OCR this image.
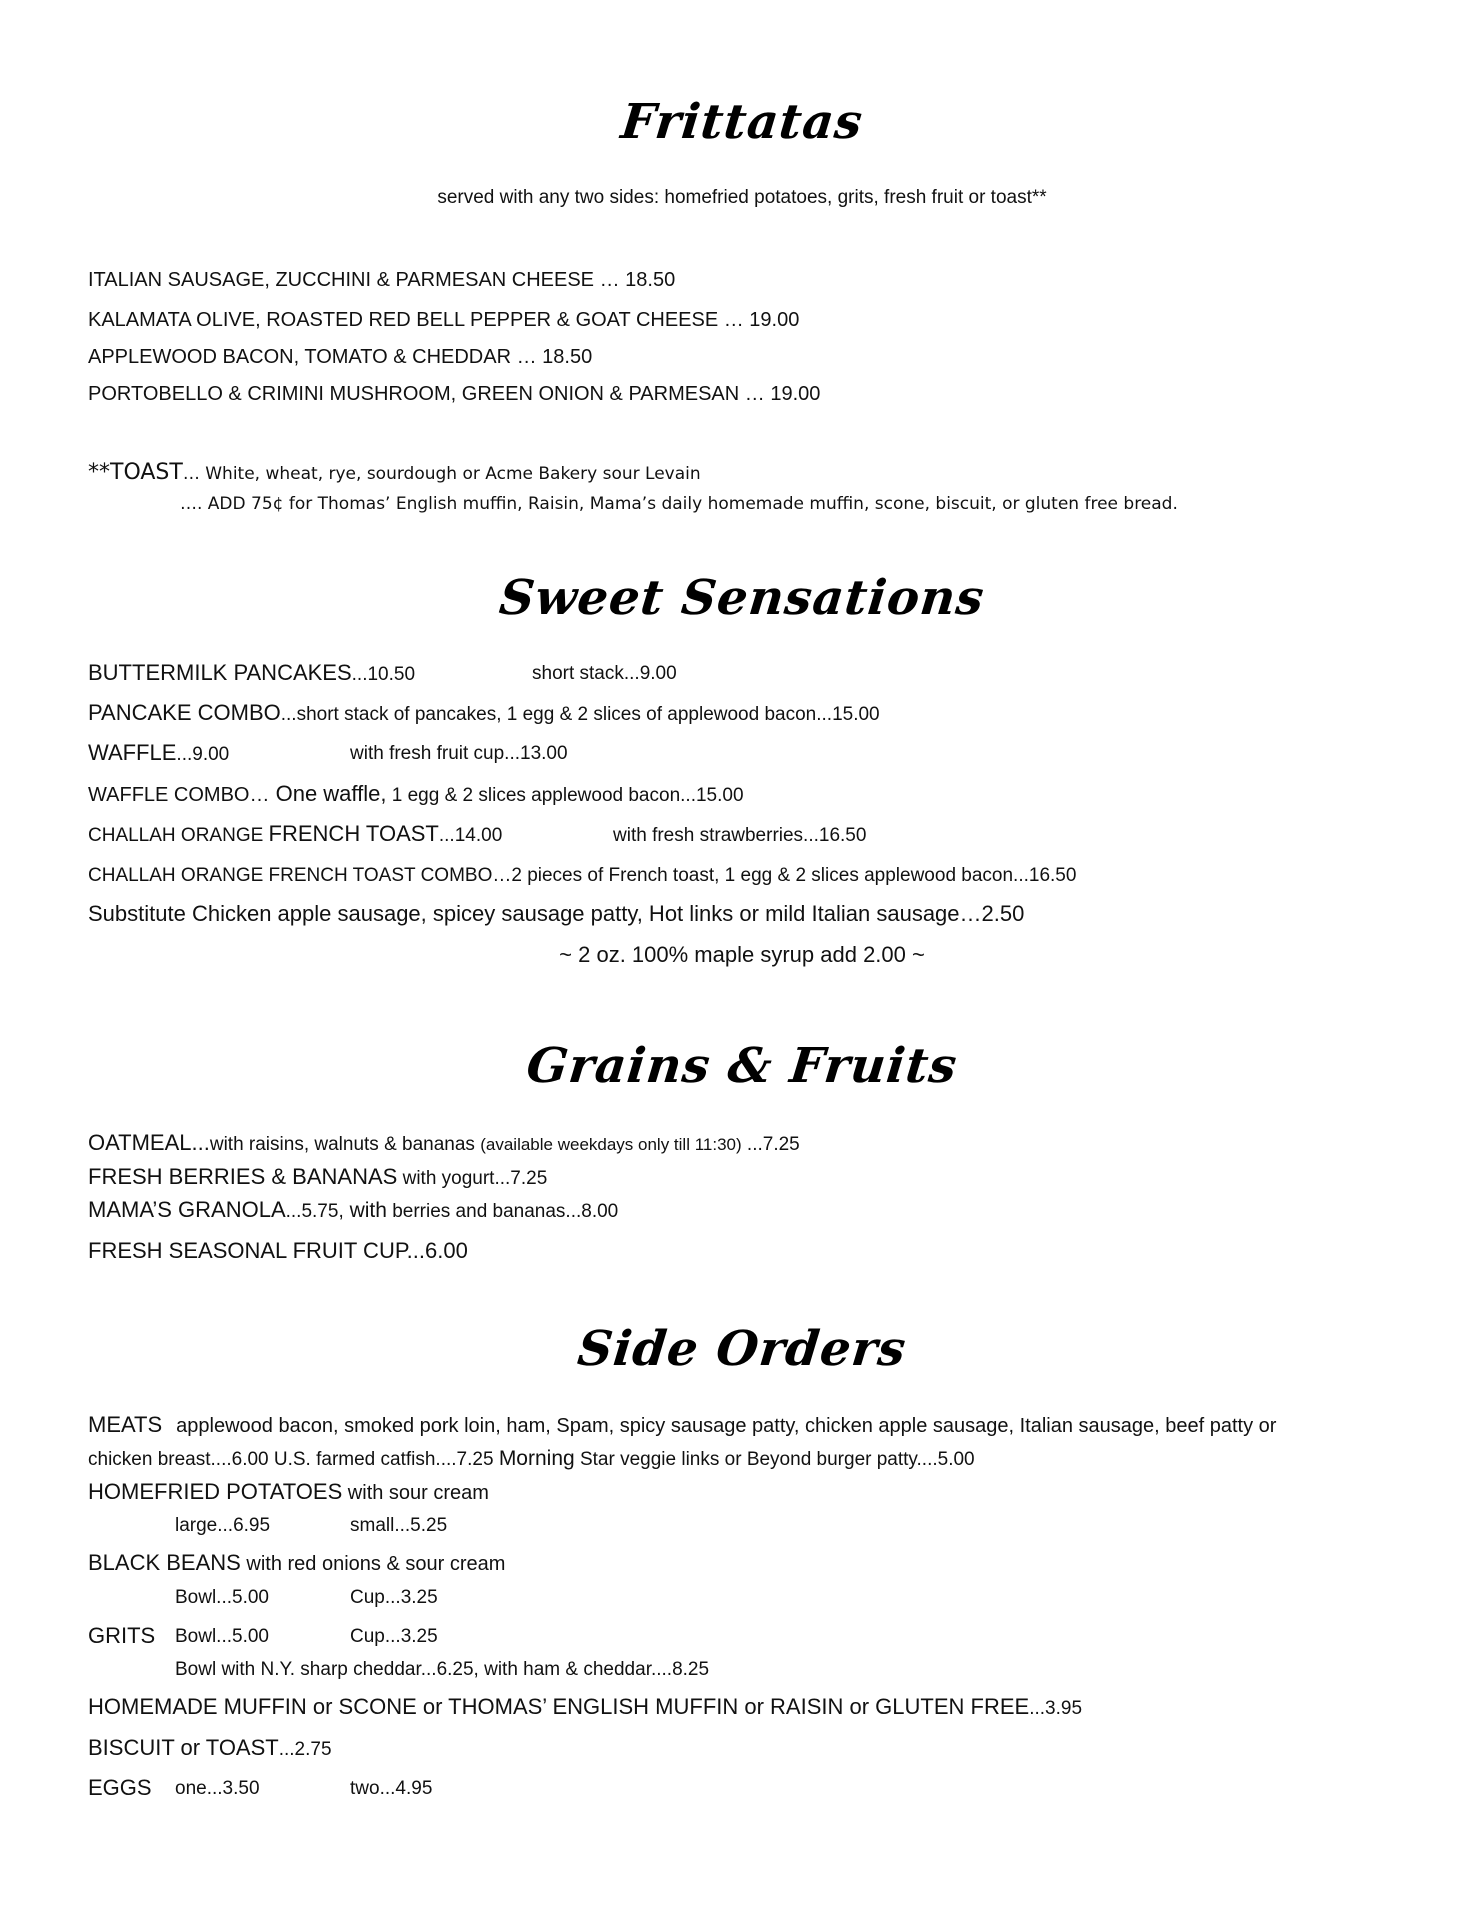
Frittatas
served with any two sides: homefried potatoes, grits, fresh fruit or toast**
ITALIAN SAUSAGE, ZUCCHINI & PARMESAN CHEESE … 18.50
KALAMATA OLIVE, ROASTED RED BELL PEPPER & GOAT CHEESE … 19.00
APPLEWOOD BACON, TOMATO & CHEDDAR … 18.50
PORTOBELLO & CRIMINI MUSHROOM, GREEN ONION & PARMESAN … 19.00
**TOAST… White, wheat, rye, sourdough or Acme Bakery sour Levain
…. ADD 75¢ for Thomas’ English muffin, Raisin, Mama’s daily homemade muffin, scone, biscuit, or gluten free bread.
Sweet Sensations
BUTTERMILK PANCAKES...10.50	short stack...9.00
PANCAKE COMBO...short stack of pancakes, 1 egg & 2 slices of applewood bacon...15.00
WAFFLE...9.00	with fresh fruit cup...13.00
WAFFLE COMBO… One waffle, 1 egg & 2 slices applewood bacon...15.00
CHALLAH ORANGE FRENCH TOAST...14.00	with fresh strawberries...16.50
CHALLAH ORANGE FRENCH TOAST COMBO…2 pieces of French toast, 1 egg & 2 slices applewood bacon...16.50
Substitute Chicken apple sausage, spicey sausage patty, Hot links or mild Italian sausage…2.50
~ 2 oz. 100% maple syrup add 2.00 ~
Grains & Fruits
OATMEAL...with raisins, walnuts & bananas (available weekdays only till 11:30) ...7.25
FRESH BERRIES & BANANAS with yogurt...7.25
MAMA’S GRANOLA...5.75, with berries and bananas...8.00
FRESH SEASONAL FRUIT CUP...6.00
Side Orders
MEATS applewood bacon, smoked pork loin, ham, Spam, spicy sausage patty, chicken apple sausage, Italian sausage, beef patty or
chicken breast....6.00 U.S. farmed catfish....7.25 Morning Star veggie links or Beyond burger patty....5.00
HOMEFRIED POTATOES with sour cream
large...6.95	small...5.25
BLACK BEANS with red onions & sour cream
Bowl...5.00	Cup...3.25
GRITS Bowl...5.00	Cup...3.25
Bowl with N.Y. sharp cheddar...6.25, with ham & cheddar....8.25
HOMEMADE MUFFIN or SCONE or THOMAS’ ENGLISH MUFFIN or RAISIN or GLUTEN FREE...3.95
BISCUIT or TOAST...2.75
EGGS one...3.50	two...4.95
